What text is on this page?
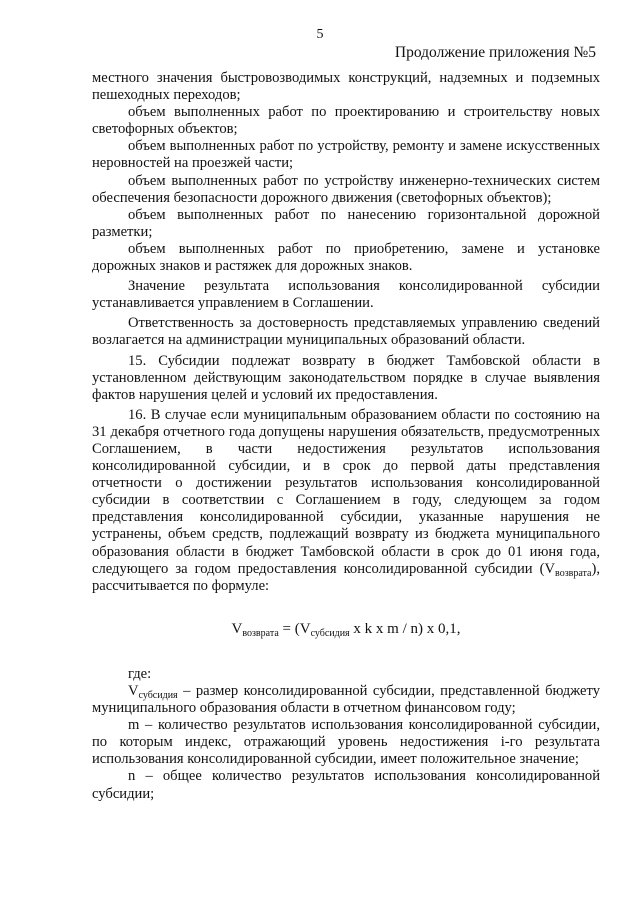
5
Продолжение приложения №5

местного значения быстровозводимых конструкций, надземных и подземных пешеходных переходов;

объем выполненных работ по проектированию и строительству новых светофорных объектов;

объем выполненных работ по устройству, ремонту и замене искусственных неровностей на проезжей части;

объем выполненных работ по устройству инженерно-технических систем обеспечения безопасности дорожного движения (светофорных объектов);

объем выполненных работ по нанесению горизонтальной дорожной разметки;

объем выполненных работ по приобретению, замене и установке дорожных знаков и растяжек для дорожных знаков.

Значение результата использования консолидированной субсидии устанавливается управлением в Соглашении.

Ответственность за достоверность представляемых управлению сведений возлагается на администрации муниципальных образований области.

15. Субсидии подлежат возврату в бюджет Тамбовской области в установленном действующим законодательством порядке в случае выявления фактов нарушения целей и условий их предоставления.

16. В случае если муниципальным образованием области по состоянию на 31 декабря отчетного года допущены нарушения обязательств, предусмотренных Соглашением, в части недостижения результатов использования консолидированной субсидии, и в срок до первой даты представления отчетности о достижении результатов использования консолидированной субсидии в соответствии с Соглашением в году, следующем за годом представления консолидированной субсидии, указанные нарушения не устранены, объем средств, подлежащий возврату из бюджета муниципального образования области в бюджет Тамбовской области в срок до 01 июня года, следующего за годом предоставления консолидированной субсидии $(V_{возврата})$, рассчитывается по формуле:

$V_{возврата} = (V_{субсидия}$ x k x m / n) x 0,1,

где:

$V_{субсидия}$ – размер консолидированной субсидии, представленной бюджету муниципального образования области в отчетном финансовом году;

m – количество результатов использования консолидированной субсидии, по которым индекс, отражающий уровень недостижения i-го результата использования консолидированной субсидии, имеет положительное значение;

n – общее количество результатов использования консолидированной субсидии;
